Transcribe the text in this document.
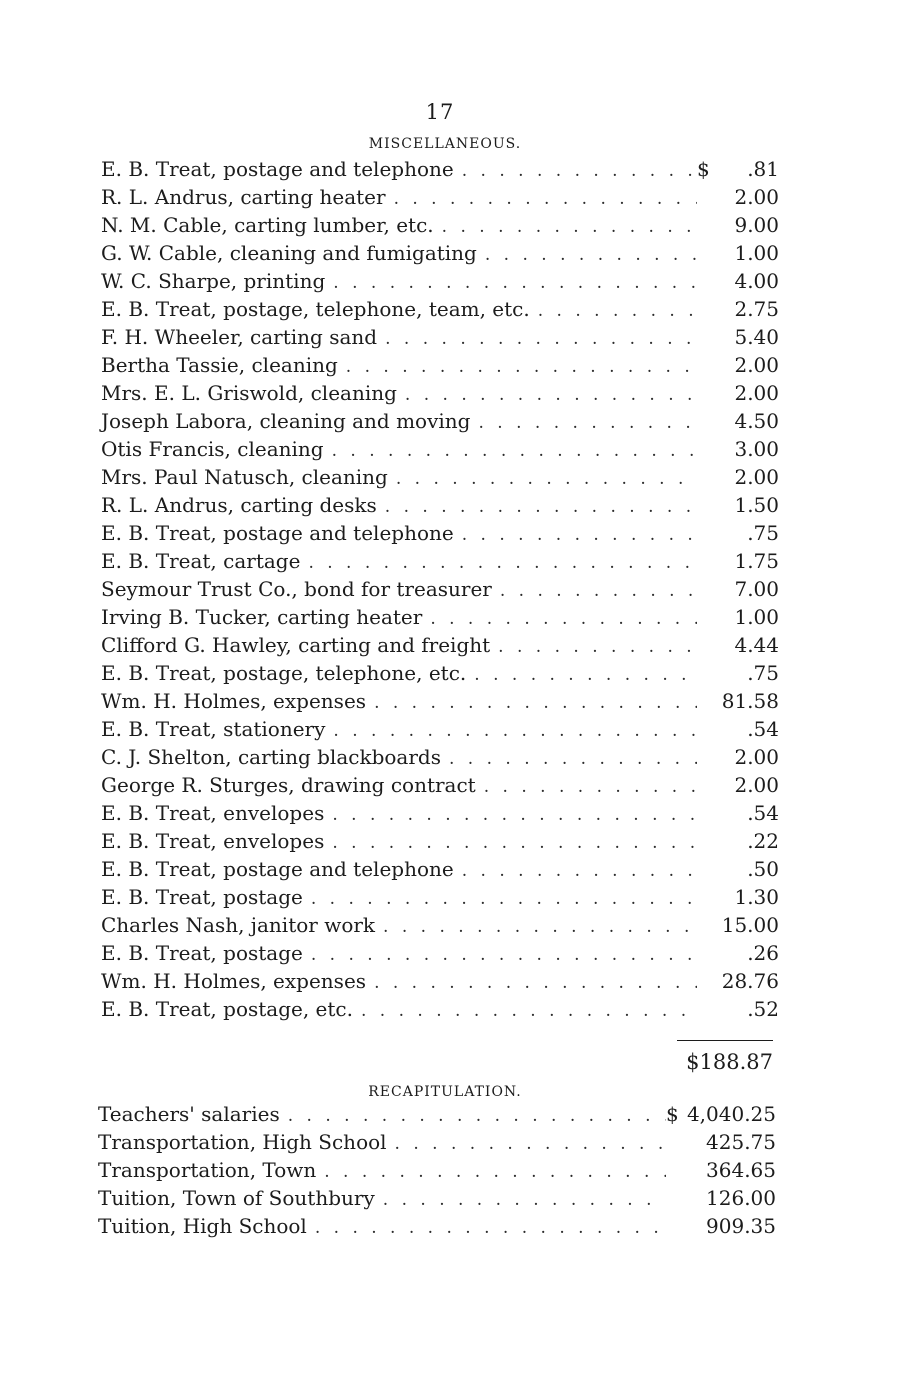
17
MISCELLANEOUS.
E. B. Treat, postage and telephone . . .	$	.81
R. L. Andrus, carting heater . . .	2.00
N. M. Cable, carting lumber, etc. . . .	9.00
G. W. Cable, cleaning and fumigating . . .	1.00
W. C. Sharpe, printing . . .	4.00
E. B. Treat, postage, telephone, team, etc. . . .	2.75
F. H. Wheeler, carting sand . . .	5.40
Bertha Tassie, cleaning . . .	2.00
Mrs. E. L. Griswold, cleaning . . .	2.00
Joseph Labora, cleaning and moving . . .	4.50
Otis Francis, cleaning . . .	3.00
Mrs. Paul Natusch, cleaning . . .	2.00
R. L. Andrus, carting desks . . .	1.50
E. B. Treat, postage and telephone . . .	.75
E. B. Treat, cartage . . .	1.75
Seymour Trust Co., bond for treasurer . . .	7.00
Irving B. Tucker, carting heater . . .	1.00
Clifford G. Hawley, carting and freight . . .	4.44
E. B. Treat, postage, telephone, etc. . . .	.75
Wm. H. Holmes, expenses . . .	81.58
E. B. Treat, stationery . . .	.54
C. J. Shelton, carting blackboards . . .	2.00
George R. Sturges, drawing contract . . .	2.00
E. B. Treat, envelopes . . .	.54
E. B. Treat, envelopes . . .	.22
E. B. Treat, postage and telephone . . .	.50
E. B. Treat, postage . . .	1.30
Charles Nash, janitor work . . .	15.00
E. B. Treat, postage . . .	.26
Wm. H. Holmes, expenses . . .	28.76
E. B. Treat, postage, etc. . . .	.52
$188.87
RECAPITULATION.
Teachers' salaries . . .	$ 4,040.25
Transportation, High School . . .	425.75
Transportation, Town . . .	364.65
Tuition, Town of Southbury . . .	126.00
Tuition, High School . . .	909.35
